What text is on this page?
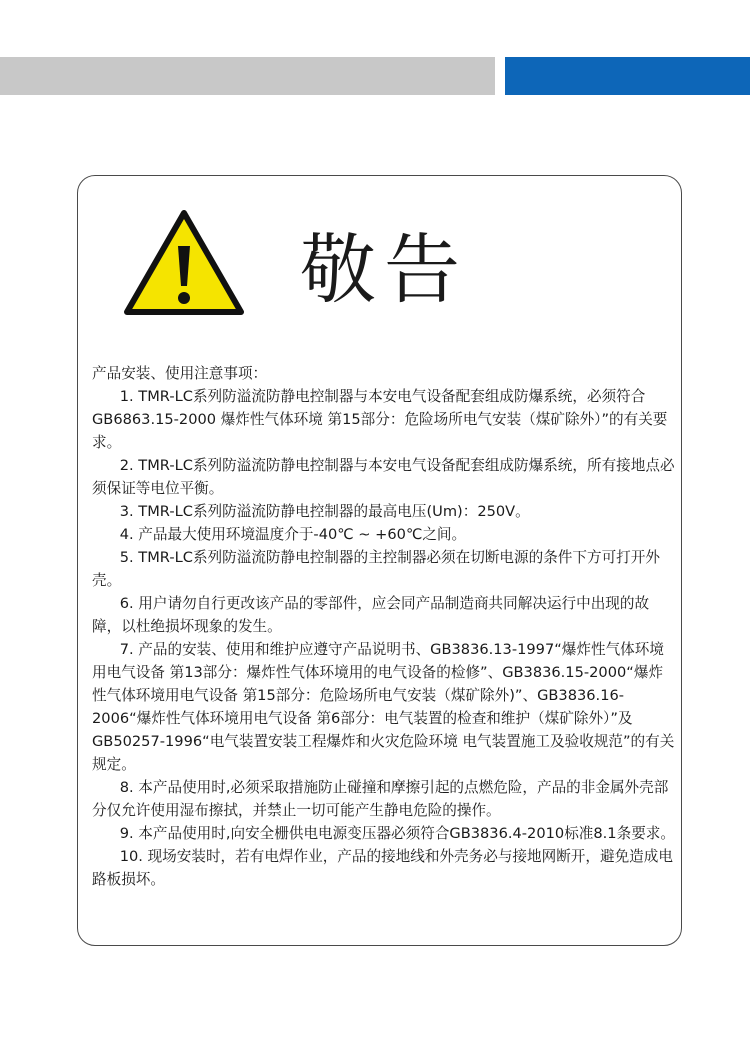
敬告

产品安装、使用注意事项：

1. TMR-LC系列防溢流防静电控制器与本安电气设备配套组成防爆系统，必须符合GB6863.15-2000 爆炸性气体环境 第15部分：危险场所电气安装（煤矿除外）”的有关要求。

2. TMR-LC系列防溢流防静电控制器与本安电气设备配套组成防爆系统，所有接地点必须保证等电位平衡。

3. TMR-LC系列防溢流防静电控制器的最高电压(Um)：250V。

4. 产品最大使用环境温度介于-40℃ ~ +60℃之间。

5. TMR-LC系列防溢流防静电控制器的主控制器必须在切断电源的条件下方可打开外壳。

6. 用户请勿自行更改该产品的零部件，应会同产品制造商共同解决运行中出现的故障，以杜绝损坏现象的发生。

7. 产品的安装、使用和维护应遵守产品说明书、GB3836.13-1997“爆炸性气体环境用电气设备 第13部分：爆炸性气体环境用的电气设备的检修”、GB3836.15-2000“爆炸性气体环境用电气设备 第15部分：危险场所电气安装（煤矿除外)”、GB3836.16-2006“爆炸性气体环境用电气设备 第6部分：电气装置的检查和维护（煤矿除外）”及GB50257-1996“电气装置安装工程爆炸和火灾危险环境 电气装置施工及验收规范”的有关规定。

8. 本产品使用时,必须采取措施防止碰撞和摩擦引起的点燃危险，产品的非金属外壳部分仅允许使用湿布擦拭，并禁止一切可能产生静电危险的操作。

9. 本产品使用时,向安全栅供电电源变压器必须符合GB3836.4-2010标准8.1条要求。

10. 现场安装时，若有电焊作业，产品的接地线和外壳务必与接地网断开，避免造成电路板损坏。
